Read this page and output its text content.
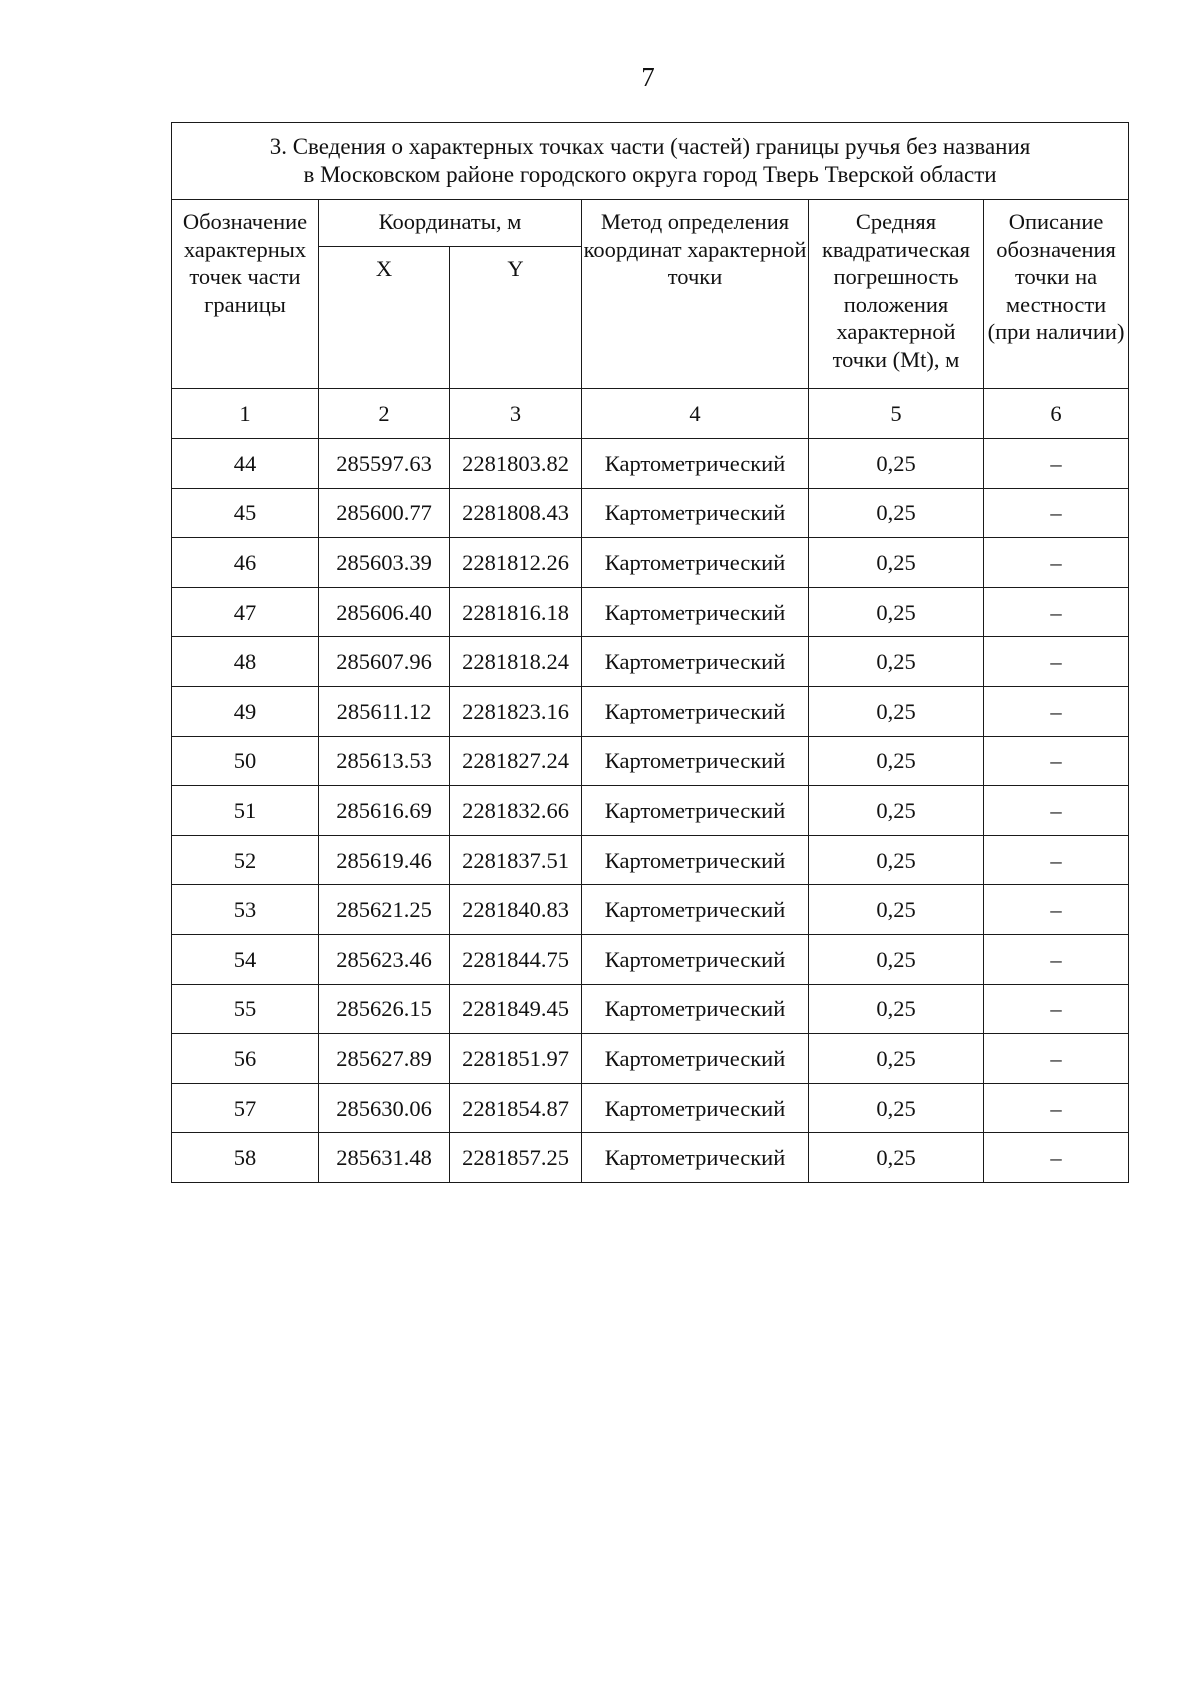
7
3. Сведения о характерных точках части (частей) границы ручья без названия
в Московском районе городского округа город Тверь Тверской области					

Обозначение характерных точек части границы	Координаты, м		Метод определения координат характерной точки	Средняя квадратическая погрешность положения характерной точки (Mt), м	Описание обозначения точки на местности (при наличии)
	X	Y			
1	2	3	4	5	6
44	285597.63	2281803.82	Картометрический	0,25	–
45	285600.77	2281808.43	Картометрический	0,25	–
46	285603.39	2281812.26	Картометрический	0,25	–
47	285606.40	2281816.18	Картометрический	0,25	–
48	285607.96	2281818.24	Картометрический	0,25	–
49	285611.12	2281823.16	Картометрический	0,25	–
50	285613.53	2281827.24	Картометрический	0,25	–
51	285616.69	2281832.66	Картометрический	0,25	–
52	285619.46	2281837.51	Картометрический	0,25	–
53	285621.25	2281840.83	Картометрический	0,25	–
54	285623.46	2281844.75	Картометрический	0,25	–
55	285626.15	2281849.45	Картометрический	0,25	–
56	285627.89	2281851.97	Картометрический	0,25	–
57	285630.06	2281854.87	Картометрический	0,25	–
58	285631.48	2281857.25	Картометрический	0,25	–
